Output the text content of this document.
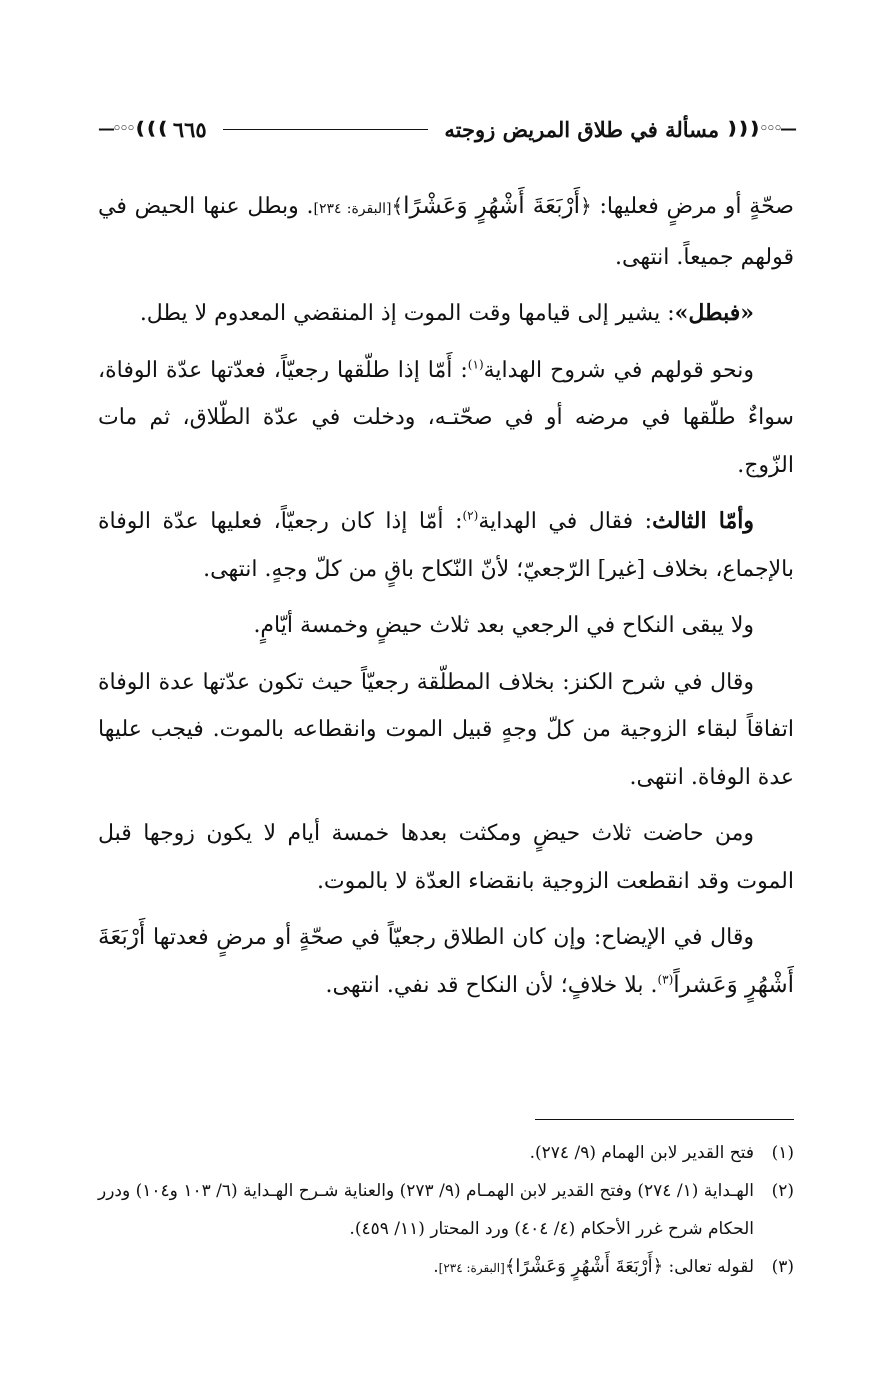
—◦◦◦❪❪❪
مسألة في طلاق المريض زوجته
٦٦٥
❫❫❫◦◦◦—

صحّةٍ أو مرضٍ فعليها: ﴿أَرْبَعَةَ أَشْهُرٍ وَعَشْرًا﴾[البقرة: ٢٣٤]. وبطل عنها الحيض في قولهم جميعاً. انتهى.

«فبطل»: يشير إلى قيامها وقت الموت إذ المنقضي المعدوم لا يطل.

ونحو قولهم في شروح الهداية$^{(١)}$: أَمّا إذا طلّقها رجعيّاً، فعدّتها عدّة الوفاة، سواءٌ طلّقها في مرضه أو في صحّتـه، ودخلت في عدّة الطّلاق، ثم مات الزّوج.

وأمّا الثالث: فقال في الهداية$^{(٢)}$: أمّا إذا كان رجعيّاً، فعليها عدّة الوفاة بالإجماع، بخلاف [غير] الرّجعيّ؛ لأنّ النّكاح باقٍ من كلّ وجهٍ. انتهى.

ولا يبقى النكاح في الرجعي بعد ثلاث حيضٍ وخمسة أيّامٍ.

وقال في شرح الكنز: بخلاف المطلّقة رجعيّاً حيث تكون عدّتها عدة الوفاة اتفاقاً لبقاء الزوجية من كلّ وجهٍ قبيل الموت وانقطاعه بالموت. فيجب عليها عدة الوفاة. انتهى.

ومن حاضت ثلاث حيضٍ ومكثت بعدها خمسة أيام لا يكون زوجها قبل الموت وقد انقطعت الزوجية بانقضاء العدّة لا بالموت.

وقال في الإيضاح: وإن كان الطلاق رجعيّاً في صحّةٍ أو مرضٍ فعدتها أَرْبَعَةَ أَشْهُرٍ وَعَشراً$^{(٣)}$. بلا خلافٍ؛ لأن النكاح قد نفي. انتهى.

(١)
فتح القدير لابن الهمام (٩/ ٢٧٤).
(٢)
الهـداية (١/ ٢٧٤) وفتح القدير لابن الهمـام (٩/ ٢٧٣) والعناية شـرح الهـداية (٦/ ١٠٣ و١٠٤) ودرر الحكام شرح غرر الأحكام (٤/ ٤٠٤) ورد المحتار (١١/ ٤٥٩).
(٣)
لقوله تعالى: ﴿أَرْبَعَةَ أَشْهُرٍ وَعَشْرًا﴾[البقرة: ٢٣٤].
